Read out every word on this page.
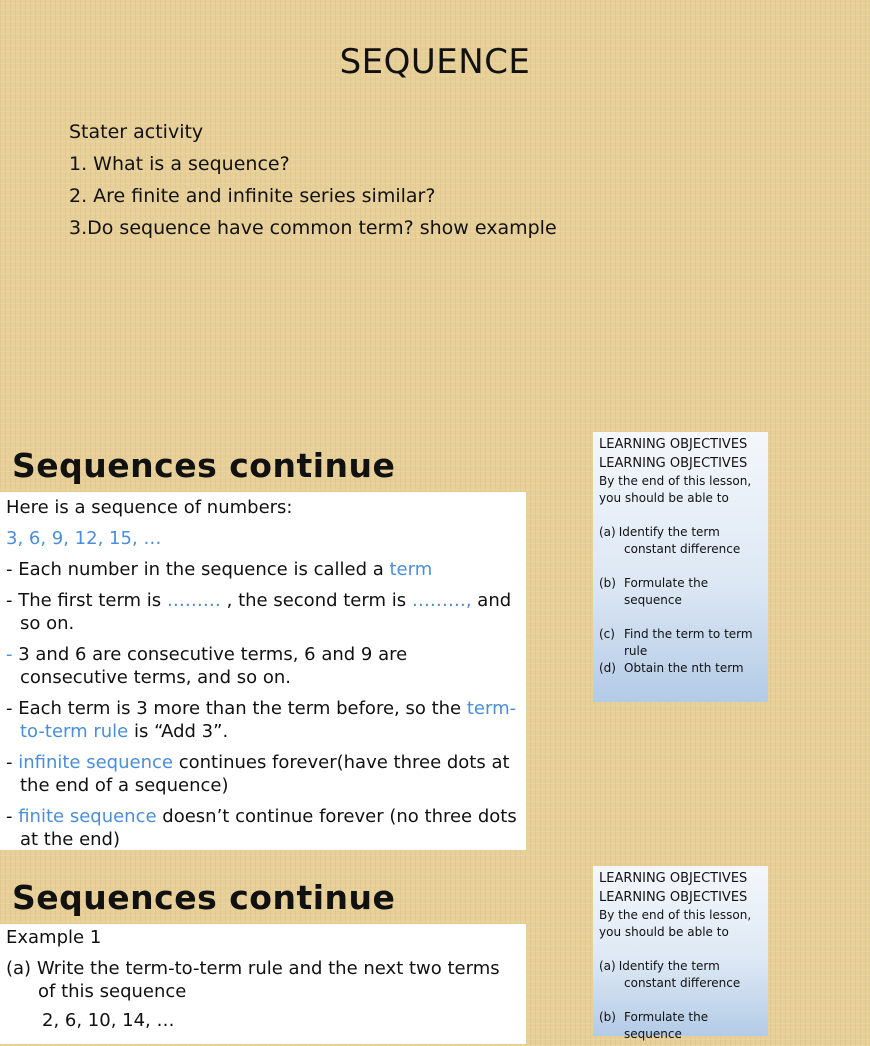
SEQUENCE
Stater activity
1. What is a sequence?
2. Are finite and infinite series similar?
3.Do sequence have common term? show example
Sequences continue

Here is a sequence of numbers:

3, 6, 9, 12, 15, …

- Each number in the sequence is called a term

- The first term is ……… , the second term is ………, and so on.

- 3 and 6 are consecutive terms, 6 and 9 are consecutive terms, and so on.

- Each term is 3 more than the term before, so the term-to-term rule is “Add 3”.

- infinite sequence continues forever(have three dots at the end of a sequence)

- finite sequence doesn’t continue forever (no three dots at the end)

LEARNING OBJECTIVES
LEARNING OBJECTIVES
By the end of this lesson, you should be able to
(a) Identify the term
constant difference
(b) Formulate the sequence
(c) Find the term to term rule
(d) Obtain the nth term
Sequences continue

Example 1

(a) Write the term-to-term rule and the next two terms of this sequence

2, 6, 10, 14, …

LEARNING OBJECTIVES
LEARNING OBJECTIVES
By the end of this lesson, you should be able to
(a) Identify the term
constant difference
(b) Formulate the sequence
